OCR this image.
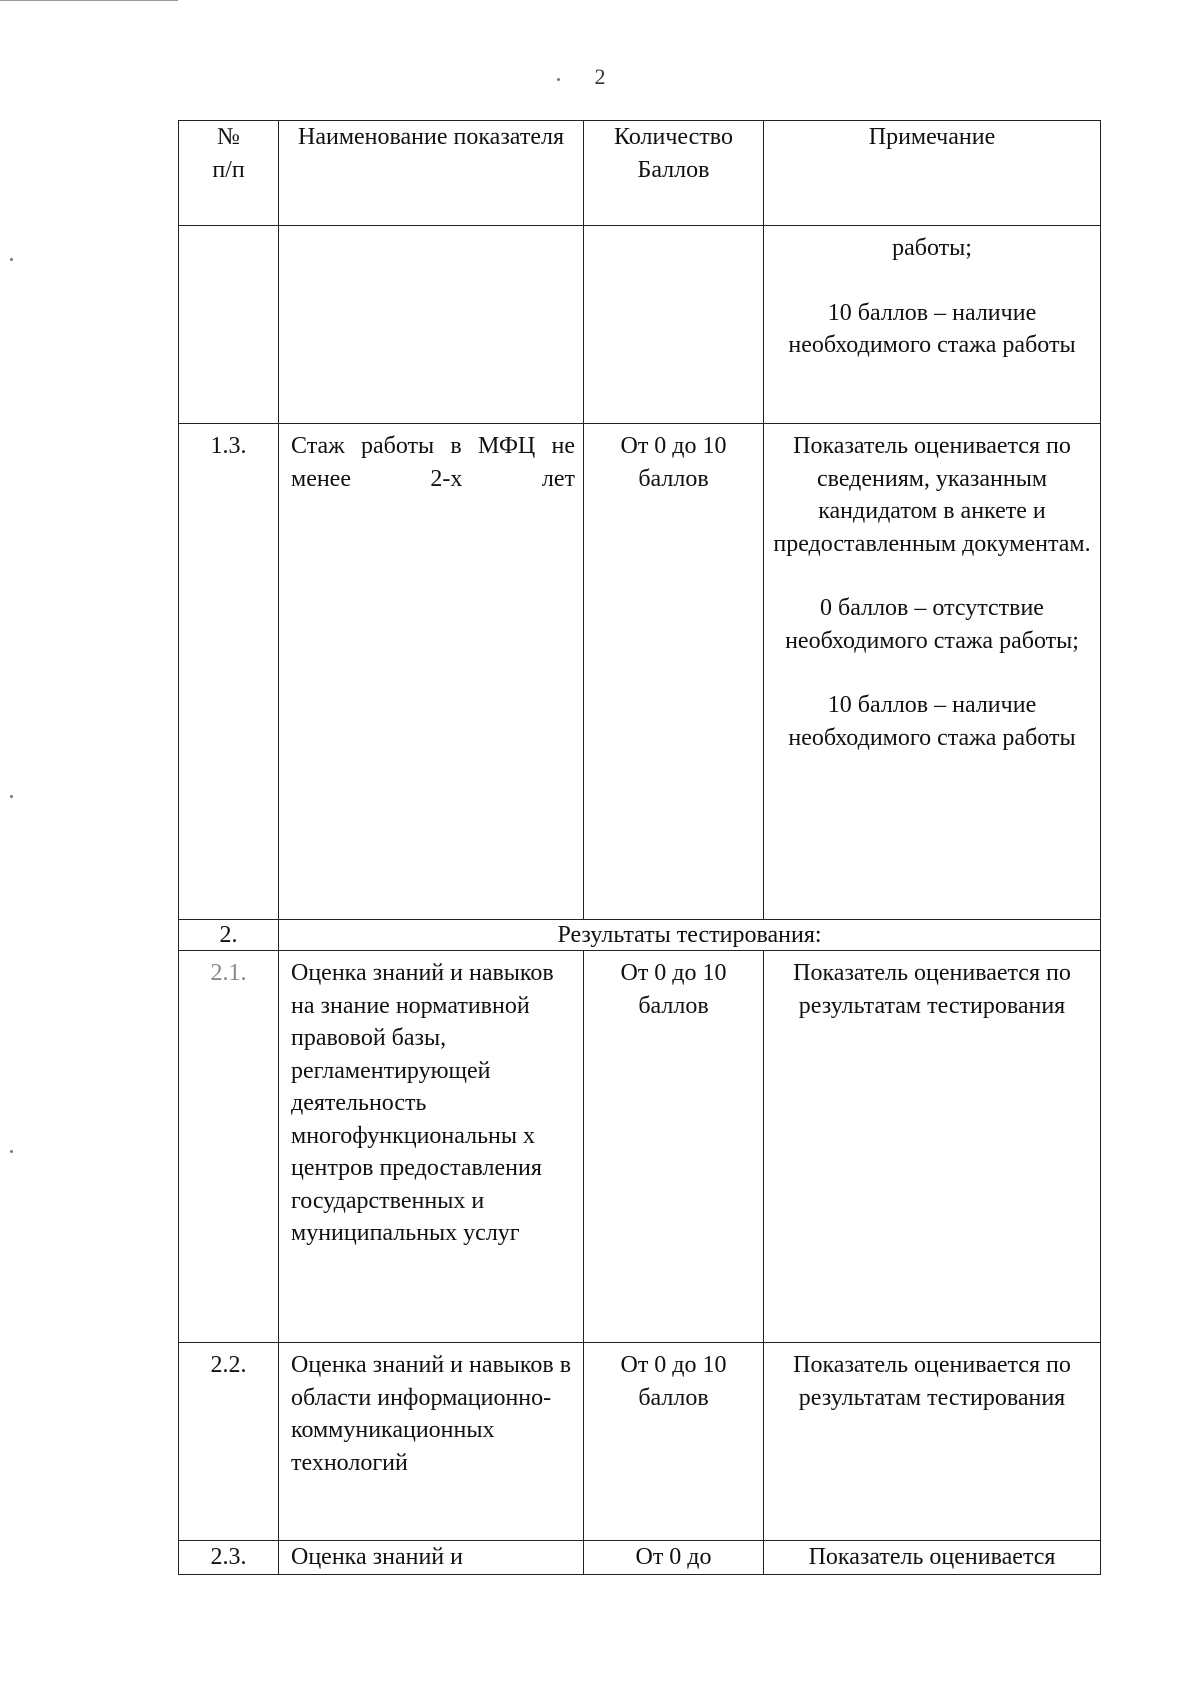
2
№
п/п	Наименование показателя	Количество Баллов	Примечание

			работы;

10 баллов – наличие необходимого стажа работы

1.3.	Стаж работы в МФЦ не менее 2-х лет	От 0 до 10 баллов	Показатель оценивается по сведениям, указанным кандидатом в анкете и предоставленным документам.

0 баллов – отсутствие необходимого стажа работы;

10 баллов – наличие необходимого стажа работы

2.	Результаты тестирования:		
2.1.	Оценка знаний и навыков на знание нормативной правовой базы, регламентирующей деятельность многофункциональны х центров предоставления государственных и муниципальных услуг	От 0 до 10 баллов	Показатель оценивается по результатам тестирования
2.2.	Оценка знаний и навыков в области информационно-коммуникационных технологий	От 0 до 10 баллов	Показатель оценивается по результатам тестирования
2.3.	Оценка знаний и	От 0 до	Показатель оценивается
